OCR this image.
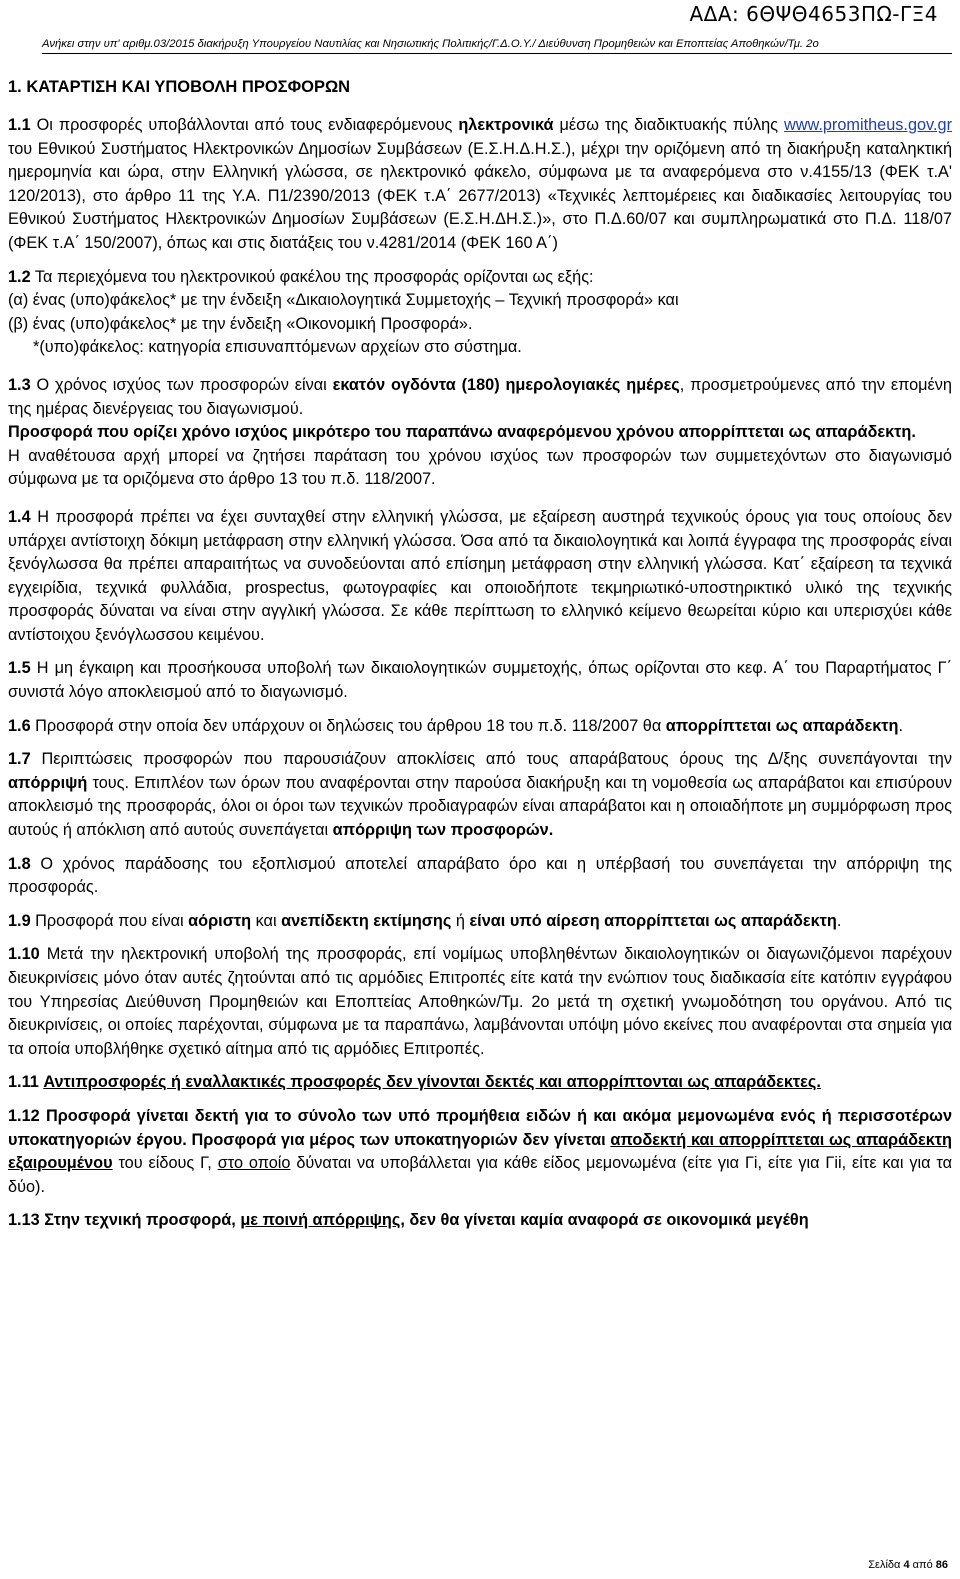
ΑΔΑ: 6ΘΨΘ4653ΠΩ-ΓΞ4
Ανήκει στην υπ' αριθμ.03/2015 διακήρυξη Υπουργείου Ναυτιλίας και Νησιωτικής Πολιτικής/Γ.Δ.Ο.Υ./ Διεύθυνση Προμηθειών και Εποπτείας Αποθηκών/Τμ. 2ο
1. ΚΑΤΑΡΤΙΣΗ ΚΑΙ ΥΠΟΒΟΛΗ ΠΡΟΣΦΟΡΩΝ

1.1 Οι προσφορές υποβάλλονται από τους ενδιαφερόμενους ηλεκτρονικά μέσω της διαδικτυακής πύλης www.promitheus.gov.gr του Εθνικού Συστήματος Ηλεκτρονικών Δημοσίων Συμβάσεων (Ε.Σ.Η.Δ.Η.Σ.), μέχρι την οριζόμενη από τη διακήρυξη καταληκτική ημερομηνία και ώρα, στην Ελληνική γλώσσα, σε ηλεκτρονικό φάκελο, σύμφωνα με τα αναφερόμενα στο ν.4155/13 (ΦΕΚ τ.Α' 120/2013), στο άρθρο 11 της Υ.Α. Π1/2390/2013 (ΦΕΚ τ.Α΄ 2677/2013) «Τεχνικές λεπτομέρειες και διαδικασίες λειτουργίας του Εθνικού Συστήματος Ηλεκτρονικών Δημοσίων Συμβάσεων (Ε.Σ.Η.ΔΗ.Σ.)», στο Π.Δ.60/07 και συμπληρωματικά στο Π.Δ. 118/07 (ΦΕΚ τ.Α΄ 150/2007), όπως και στις διατάξεις του ν.4281/2014 (ΦΕΚ 160 Α΄)

1.2 Τα περιεχόμενα του ηλεκτρονικού φακέλου της προσφοράς ορίζονται ως εξής:
(α) ένας (υπο)φάκελος* με την ένδειξη «Δικαιολογητικά Συμμετοχής – Τεχνική προσφορά» και
(β) ένας (υπο)φάκελος* με την ένδειξη «Οικονομική Προσφορά».
*(υπο)φάκελος: κατηγορία επισυναπτόμενων αρχείων στο σύστημα.

1.3 Ο χρόνος ισχύος των προσφορών είναι εκατόν ογδόντα (180) ημερολογιακές ημέρες, προσμετρούμενες από την επομένη της ημέρας διενέργειας του διαγωνισμού.
Προσφορά που ορίζει χρόνο ισχύος μικρότερο του παραπάνω αναφερόμενου χρόνου απορρίπτεται ως απαράδεκτη.
Η αναθέτουσα αρχή μπορεί να ζητήσει παράταση του χρόνου ισχύος των προσφορών των συμμετεχόντων στο διαγωνισμό σύμφωνα με τα οριζόμενα στο άρθρο 13 του π.δ. 118/2007.

1.4 Η προσφορά πρέπει να έχει συνταχθεί στην ελληνική γλώσσα, με εξαίρεση αυστηρά τεχνικούς όρους για τους οποίους δεν υπάρχει αντίστοιχη δόκιμη μετάφραση στην ελληνική γλώσσα. Όσα από τα δικαιολογητικά και λοιπά έγγραφα της προσφοράς είναι ξενόγλωσσα θα πρέπει απαραιτήτως να συνοδεύονται από επίσημη μετάφραση στην ελληνική γλώσσα. Κατ΄ εξαίρεση τα τεχνικά εγχειρίδια, τεχνικά φυλλάδια, prospectus, φωτογραφίες και οποιοδήποτε τεκμηριωτικό-υποστηρικτικό υλικό της τεχνικής προσφοράς δύναται να είναι στην αγγλική γλώσσα. Σε κάθε περίπτωση το ελληνικό κείμενο θεωρείται κύριο και υπερισχύει κάθε αντίστοιχου ξενόγλωσσου κειμένου.

1.5 Η μη έγκαιρη και προσήκουσα υποβολή των δικαιολογητικών συμμετοχής, όπως ορίζονται στο κεφ. Α΄ του Παραρτήματος Γ΄ συνιστά λόγο αποκλεισμού από το διαγωνισμό.

1.6 Προσφορά στην οποία δεν υπάρχουν οι δηλώσεις του άρθρου 18 του π.δ. 118/2007 θα απορρίπτεται ως απαράδεκτη.

1.7 Περιπτώσεις προσφορών που παρουσιάζουν αποκλίσεις από τους απαράβατους όρους της Δ/ξης συνεπάγονται την απόρριψή τους. Επιπλέον των όρων που αναφέρονται στην παρούσα διακήρυξη και τη νομοθεσία ως απαράβατοι και επισύρουν αποκλεισμό της προσφοράς, όλοι οι όροι των τεχνικών προδιαγραφών είναι απαράβατοι και η οποιαδήποτε μη συμμόρφωση προς αυτούς ή απόκλιση από αυτούς συνεπάγεται απόρριψη των προσφορών.

1.8 Ο χρόνος παράδοσης του εξοπλισμού αποτελεί απαράβατο όρο και η υπέρβασή του συνεπάγεται την απόρριψη της προσφοράς.

1.9 Προσφορά που είναι αόριστη και ανεπίδεκτη εκτίμησης ή είναι υπό αίρεση απορρίπτεται ως απαράδεκτη.

1.10 Μετά την ηλεκτρονική υποβολή της προσφοράς, επί νομίμως υποβληθέντων δικαιολογητικών οι διαγωνιζόμενοι παρέχουν διευκρινίσεις μόνο όταν αυτές ζητούνται από τις αρμόδιες Επιτροπές είτε κατά την ενώπιον τους διαδικασία είτε κατόπιν εγγράφου του Υπηρεσίας Διεύθυνση Προμηθειών και Εποπτείας Αποθηκών/Τμ. 2ο μετά τη σχετική γνωμοδότηση του οργάνου. Από τις διευκρινίσεις, οι οποίες παρέχονται, σύμφωνα με τα παραπάνω, λαμβάνονται υπόψη μόνο εκείνες που αναφέρονται στα σημεία για τα οποία υποβλήθηκε σχετικό αίτημα από τις αρμόδιες Επιτροπές.

1.11 Αντιπροσφορές ή εναλλακτικές προσφορές δεν γίνονται δεκτές και απορρίπτονται ως απαράδεκτες.

1.12 Προσφορά γίνεται δεκτή για το σύνολο των υπό προμήθεια ειδών ή και ακόμα μεμονωμένα ενός ή περισσοτέρων υποκατηγοριών έργου. Προσφορά για μέρος των υποκατηγοριών δεν γίνεται αποδεκτή και απορρίπτεται ως απαράδεκτη εξαιρουμένου του είδους Γ, στο οποίο δύναται να υποβάλλεται για κάθε είδος μεμονωμένα (είτε για Γi, είτε για Γii, είτε και για τα δύο).

1.13 Στην τεχνική προσφορά, με ποινή απόρριψης, δεν θα γίνεται καμία αναφορά σε οικονομικά μεγέθη

Σελίδα 4 από 86
